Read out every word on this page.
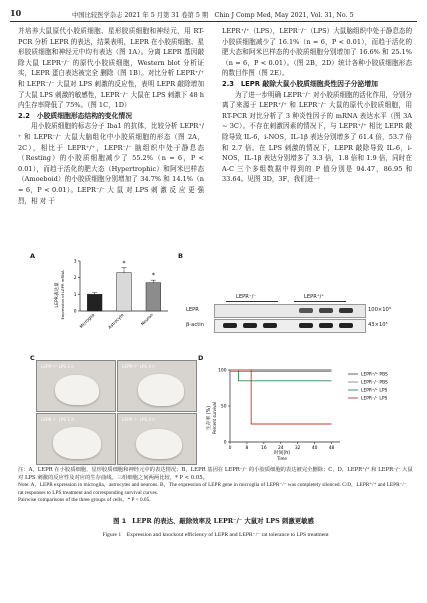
10	中国比较医学杂志 2021 年 5 月第 31 卷第 5 期　Chin J Comp Med, May 2021, Vol. 31, No. 5

并培养大鼠原代小胶质细胞、星形胶质细胞和神经元，用 RT-PCR 分析 LEPR 的表达，结果表明，LEPR 在小胶质细胞、星形胶质细胞和神经元中均有表达（图 1A）。分离 LEPR 基因敲除大鼠 LEPR⁻/⁻ 的原代小胶质细胞，Western blot 分析证实，LEPR 蛋白表达被完全 删除（图 1B）。对比分析 LEPR⁺/⁺ 和 LEPR⁻/⁻ 大鼠对 LPS 刺激的反应性，表明 LEPR 敲除增加了大鼠 LPS 刺激的敏感性，LEPR⁻/⁻ 大鼠在 LPS 刺激下 48 h 内生存率降低了 75%。（图 1C，1D）

2.2　小胶质细胞形态结构的变化情况

用小胶质细胞的标志分子 Iba1 的抗体，比较分析 LEPR⁺/⁺ 和 LEPR⁻/⁻ 大鼠大脑组化中小胶质细胞的形态（图 2A，2C），相比于 LEPR⁺/⁺，LEPR⁻/⁻ 脑组织中处于静息态（Resting）的小胶质细胞减少了 55.2%（n = 6，P < 0.01），而趋于活化的肥大态（Hypertrophic）和阿米巴样态（Amoeboid）的小胶质细胞分别增加了 34.7% 和 14.1%（n = 6，P < 0.01）。LEPR⁻/⁻ 大 鼠 对 LPS 刺 激 反 应 更 强 烈，相 对 于

LEPR⁺/⁺（LPS），LEPR⁻/⁻（LPS）大鼠脑组织中处于静息态的小胶质细胞减少了 16.1%（n = 6，P < 0.01），而趋于活化的肥大态和阿米巴样态的小胶质细胞分别增加了 16.6% 和 25.1%（n = 6，P < 0.01）。（图 2B，2D）统计各种小胶质细胞形态的数目作图（图 2E）。

2.3　LEPR 敲除大鼠小胶质细胞炎性因子分泌增加

为了进一步明确 LEPR⁻/⁻ 对小胶质细胞的活化作用，分别分离了来源于 LEPR⁺/⁺ 和 LEPR⁻/⁻ 大鼠的原代小胶质细胞，用 RT-PCR 对比分析了 3 种炎性因子的 mRNA 表达水平（图 3A ~ 3C）。不存在刺激因素的情况下，与 LEPR⁺/⁺ 相比 LEPR 敲除导致 IL-6，i-NOS，IL-1β 表达分别增多了 61.4 倍，53.7 倍和 2.7 倍。在 LPS 刺激的情况下，LEPR 敲除导致 IL-6，i-NOS，IL-1β 表达分别增多了 3.3 倍，1.8 倍和 1.9 倍，同时在 A-C 三个多组数据中得到的 P 值分别是 94.47，86.95 和 33.64。见图 3D，3F，我们进一

A
LEPR表达量 Expression of LEPR mRNA 0
1
2
3
Microglia	Astrocyte	Neuron
*
*
B
LEPR⁻/⁻	LEPR⁺/⁺
LEPR	100×10³
β-actin	43×10³
C
LEPR⁺/⁺ LPS 1 h	LEPR⁺/⁺ LPS 4 h
LEPR⁻/⁻ LPS 1 h	LEPR⁻/⁻ LPS 4 h
D
生存率 (%) Percent survival
时间(h)
Time
0
50
100
0	8	16	24	32	40	48
LEPR⁺/⁺ PBS
LEPR⁻/⁻ PBS
LEPR⁺/⁺ LPS
LEPR⁻/⁻ LPS

注：A，LEPR 在小胶质细胞、星形胶质细胞和神经元中的表达情况；B，LEPR 基因在 LEPR⁻/⁻ 的小胶质细胞的表达被完全删除；C，D，LEPR⁺/⁺ 和 LEPR⁻/⁻ 大鼠对 LPS 刺激的反应性及对应的生存曲线。三组细胞之间两两比较，* P < 0.05。

Note. A，LEPR expression in microglia，astrocytes and neurons. B，The expression of LEPR gene in microglia of LEPR⁻/⁻ was completely silenced. C/D，LEPR⁺/⁺ and LEPR⁻/⁻ rat responses to LPS treatment and corresponding survival curves.

Pairwise comparisons of the three groups of cells，* P < 0.05.

图 1 LEPR 的表达、敲除效率及 LEPR⁻/⁻ 大鼠对 LPS 刺激更敏感
Figure 1　Expression and knockout efficiency of LEPR and LEPR⁻/⁻ rat tolerance to LPS treatment
